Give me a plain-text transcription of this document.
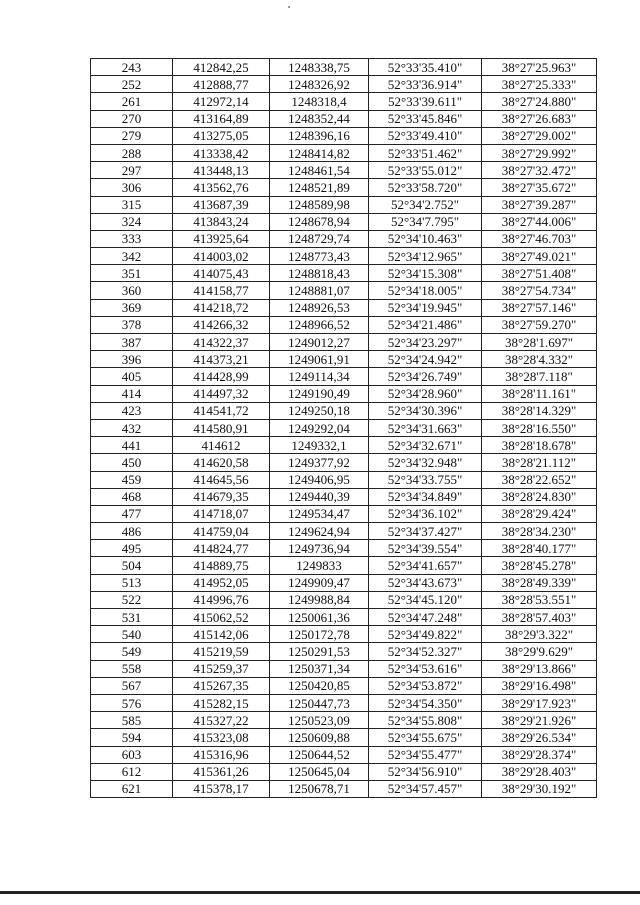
243	412842,25	1248338,75	52°33'35.410"	38°27'25.963"
252	412888,77	1248326,92	52°33'36.914"	38°27'25.333"
261	412972,14	1248318,4	52°33'39.611"	38°27'24.880"
270	413164,89	1248352,44	52°33'45.846"	38°27'26.683"
279	413275,05	1248396,16	52°33'49.410"	38°27'29.002"
288	413338,42	1248414,82	52°33'51.462"	38°27'29.992"
297	413448,13	1248461,54	52°33'55.012"	38°27'32.472"
306	413562,76	1248521,89	52°33'58.720"	38°27'35.672"
315	413687,39	1248589,98	52°34'2.752"	38°27'39.287"
324	413843,24	1248678,94	52°34'7.795"	38°27'44.006"
333	413925,64	1248729,74	52°34'10.463"	38°27'46.703"
342	414003,02	1248773,43	52°34'12.965"	38°27'49.021"
351	414075,43	1248818,43	52°34'15.308"	38°27'51.408"
360	414158,77	1248881,07	52°34'18.005"	38°27'54.734"
369	414218,72	1248926,53	52°34'19.945"	38°27'57.146"
378	414266,32	1248966,52	52°34'21.486"	38°27'59.270"
387	414322,37	1249012,27	52°34'23.297"	38°28'1.697"
396	414373,21	1249061,91	52°34'24.942"	38°28'4.332"
405	414428,99	1249114,34	52°34'26.749"	38°28'7.118"
414	414497,32	1249190,49	52°34'28.960"	38°28'11.161"
423	414541,72	1249250,18	52°34'30.396"	38°28'14.329"
432	414580,91	1249292,04	52°34'31.663"	38°28'16.550"
441	414612	1249332,1	52°34'32.671"	38°28'18.678"
450	414620,58	1249377,92	52°34'32.948"	38°28'21.112"
459	414645,56	1249406,95	52°34'33.755"	38°28'22.652"
468	414679,35	1249440,39	52°34'34.849"	38°28'24.830"
477	414718,07	1249534,47	52°34'36.102"	38°28'29.424"
486	414759,04	1249624,94	52°34'37.427"	38°28'34.230"
495	414824,77	1249736,94	52°34'39.554"	38°28'40.177"
504	414889,75	1249833	52°34'41.657"	38°28'45.278"
513	414952,05	1249909,47	52°34'43.673"	38°28'49.339"
522	414996,76	1249988,84	52°34'45.120"	38°28'53.551"
531	415062,52	1250061,36	52°34'47.248"	38°28'57.403"
540	415142,06	1250172,78	52°34'49.822"	38°29'3.322"
549	415219,59	1250291,53	52°34'52.327"	38°29'9.629"
558	415259,37	1250371,34	52°34'53.616"	38°29'13.866"
567	415267,35	1250420,85	52°34'53.872"	38°29'16.498"
576	415282,15	1250447,73	52°34'54.350"	38°29'17.923"
585	415327,22	1250523,09	52°34'55.808"	38°29'21.926"
594	415323,08	1250609,88	52°34'55.675"	38°29'26.534"
603	415316,96	1250644,52	52°34'55.477"	38°29'28.374"
612	415361,26	1250645,04	52°34'56.910"	38°29'28.403"
621	415378,17	1250678,71	52°34'57.457"	38°29'30.192"
